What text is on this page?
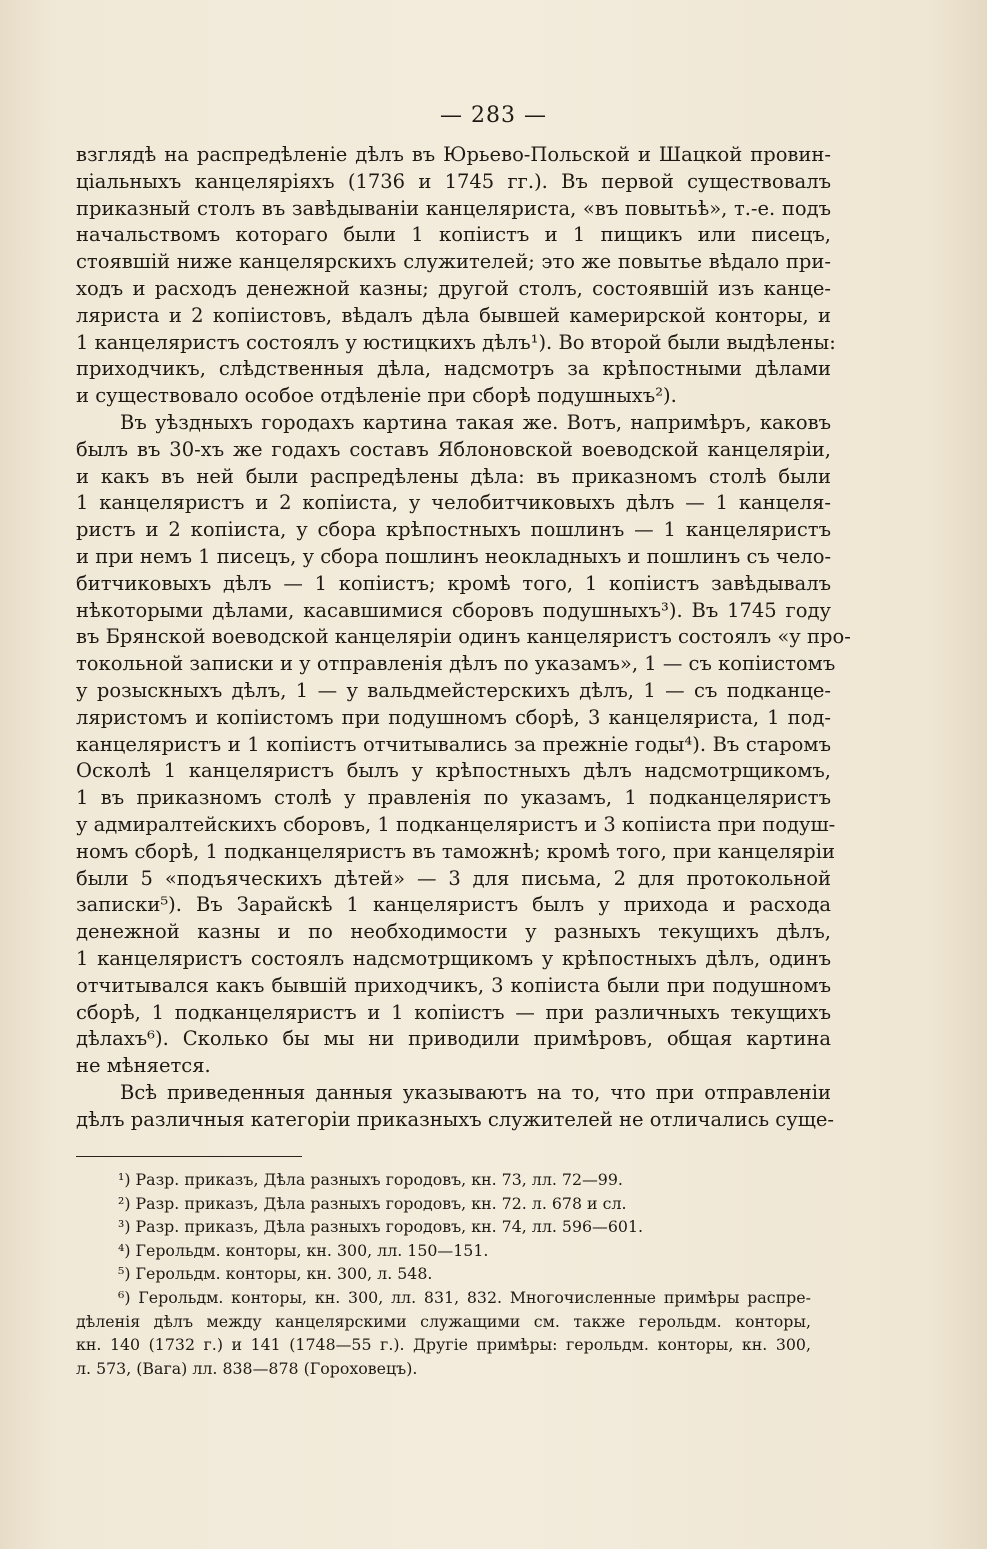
— 283 —
взглядѣ на распредѣленіе дѣлъ въ Юрьево-Польской и Шацкой провин-
ціальныхъ канцеляріяхъ (1736 и 1745 гг.). Въ первой существовалъ
приказный столъ въ завѣдываніи канцеляриста, «въ повытьѣ», т.-е. подъ
начальствомъ котораго были 1 копіистъ и 1 пищикъ или писецъ,
стоявшій ниже канцелярскихъ служителей; это же повытье вѣдало при-
ходъ и расходъ денежной казны; другой столъ, состоявшій изъ канце-
ляриста и 2 копіистовъ, вѣдалъ дѣла бывшей камерирской конторы, и
1 канцеляристъ состоялъ у юстицкихъ дѣлъ¹). Во второй были выдѣлены:
приходчикъ, слѣдственныя дѣла, надсмотръ за крѣпостными дѣлами
и существовало особое отдѣленіе при сборѣ подушныхъ²).
Въ уѣздныхъ городахъ картина такая же. Вотъ, напримѣръ, каковъ
былъ въ 30-хъ же годахъ составъ Яблоновской воеводской канцеляріи,
и какъ въ ней были распредѣлены дѣла: въ приказномъ столѣ были
1 канцеляристъ и 2 копіиста, у челобитчиковыхъ дѣлъ — 1 канцеля-
ристъ и 2 копіиста, у сбора крѣпостныхъ пошлинъ — 1 канцеляристъ
и при немъ 1 писецъ, у сбора пошлинъ неокладныхъ и пошлинъ съ чело-
битчиковыхъ дѣлъ — 1 копіистъ; кромѣ того, 1 копіистъ завѣдывалъ
нѣкоторыми дѣлами, касавшимися сборовъ подушныхъ³). Въ 1745 году
въ Брянской воеводской канцеляріи одинъ канцеляристъ состоялъ «у про-
токольной записки и у отправленія дѣлъ по указамъ», 1 — съ копіистомъ
у розыскныхъ дѣлъ, 1 — у вальдмейстерскихъ дѣлъ, 1 — съ подканце-
ляристомъ и копіистомъ при подушномъ сборѣ, 3 канцеляриста, 1 под-
канцеляристъ и 1 копіистъ отчитывались за прежніе годы⁴). Въ старомъ
Осколѣ 1 канцеляристъ былъ у крѣпостныхъ дѣлъ надсмотрщикомъ,
1 въ приказномъ столѣ у правленія по указамъ, 1 подканцеляристъ
у адмиралтейскихъ сборовъ, 1 подканцеляристъ и 3 копіиста при подуш-
номъ сборѣ, 1 подканцеляристъ въ таможнѣ; кромѣ того, при канцеляріи
были 5 «подъяческихъ дѣтей» — 3 для письма, 2 для протокольной
записки⁵). Въ Зарайскѣ 1 канцеляристъ былъ у прихода и расхода
денежной казны и по необходимости у разныхъ текущихъ дѣлъ,
1 канцеляристъ состоялъ надсмотрщикомъ у крѣпостныхъ дѣлъ, одинъ
отчитывался какъ бывшій приходчикъ, 3 копіиста были при подушномъ
сборѣ, 1 подканцеляристъ и 1 копіистъ — при различныхъ текущихъ
дѣлахъ⁶). Сколько бы мы ни приводили примѣровъ, общая картина
не мѣняется.
Всѣ приведенныя данныя указываютъ на то, что при отправленіи
дѣлъ различныя категоріи приказныхъ служителей не отличались суще-
¹) Разр. приказъ, Дѣла разныхъ городовъ, кн. 73, лл. 72—99.
²) Разр. приказъ, Дѣла разныхъ городовъ, кн. 72. л. 678 и сл.
³) Разр. приказъ, Дѣла разныхъ городовъ, кн. 74, лл. 596—601.
⁴) Герольдм. конторы, кн. 300, лл. 150—151.
⁵) Герольдм. конторы, кн. 300, л. 548.
⁶) Герольдм. конторы, кн. 300, лл. 831, 832. Многочисленные примѣры распре-
дѣленія дѣлъ между канцелярскими служащими см. также герольдм. конторы,
кн. 140 (1732 г.) и 141 (1748—55 г.). Другіе примѣры: герольдм. конторы, кн. 300,
л. 573, (Вага) лл. 838—878 (Гороховецъ).
